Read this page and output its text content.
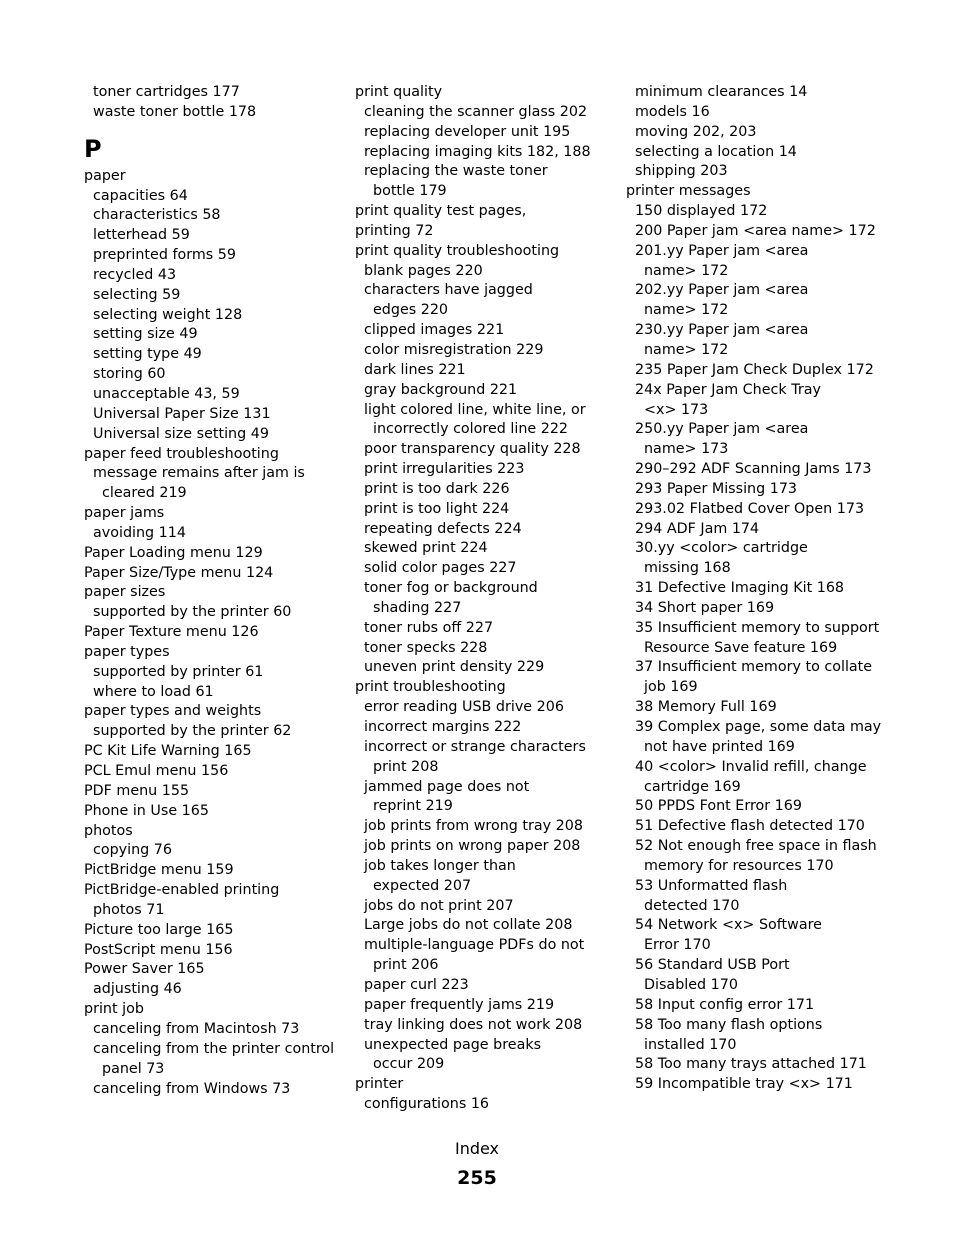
toner cartridges 177
waste toner bottle 178
P
paper
capacities 64
characteristics 58
letterhead 59
preprinted forms 59
recycled 43
selecting 59
selecting weight 128
setting size 49
setting type 49
storing 60
unacceptable 43, 59
Universal Paper Size 131
Universal size setting 49
paper feed troubleshooting
message remains after jam is
cleared 219
paper jams
avoiding 114
Paper Loading menu 129
Paper Size/Type menu 124
paper sizes
supported by the printer 60
Paper Texture menu 126
paper types
supported by printer 61
where to load 61
paper types and weights
supported by the printer 62
PC Kit Life Warning 165
PCL Emul menu 156
PDF menu 155
Phone in Use 165
photos
copying 76
PictBridge menu 159
PictBridge-enabled printing
photos 71
Picture too large 165
PostScript menu 156
Power Saver 165
adjusting 46
print job
canceling from Macintosh 73
canceling from the printer control
panel 73
canceling from Windows 73
print quality
cleaning the scanner glass 202
replacing developer unit 195
replacing imaging kits 182, 188
replacing the waste toner
bottle 179
print quality test pages,
printing 72
print quality troubleshooting
blank pages 220
characters have jagged
edges 220
clipped images 221
color misregistration 229
dark lines 221
gray background 221
light colored line, white line, or
incorrectly colored line 222
poor transparency quality 228
print irregularities 223
print is too dark 226
print is too light 224
repeating defects 224
skewed print 224
solid color pages 227
toner fog or background
shading 227
toner rubs off 227
toner specks 228
uneven print density 229
print troubleshooting
error reading USB drive 206
incorrect margins 222
incorrect or strange characters
print 208
jammed page does not
reprint 219
job prints from wrong tray 208
job prints on wrong paper 208
job takes longer than
expected 207
jobs do not print 207
Large jobs do not collate 208
multiple-language PDFs do not
print 206
paper curl 223
paper frequently jams 219
tray linking does not work 208
unexpected page breaks
occur 209
printer
configurations 16
minimum clearances 14
models 16
moving 202, 203
selecting a location 14
shipping 203
printer messages
150 displayed 172
200 Paper jam <area name> 172
201.yy Paper jam <area
name> 172
202.yy Paper jam <area
name> 172
230.yy Paper jam <area
name> 172
235 Paper Jam Check Duplex 172
24x Paper Jam Check Tray
<x> 173
250.yy Paper jam <area
name> 173
290–292 ADF Scanning Jams 173
293 Paper Missing 173
293.02 Flatbed Cover Open 173
294 ADF Jam 174
30.yy <color> cartridge
missing 168
31 Defective Imaging Kit 168
34 Short paper 169
35 Insufficient memory to support
Resource Save feature 169
37 Insufficient memory to collate
job 169
38 Memory Full 169
39 Complex page, some data may
not have printed 169
40 <color> Invalid refill, change
cartridge 169
50 PPDS Font Error 169
51 Defective flash detected 170
52 Not enough free space in flash
memory for resources 170
53 Unformatted flash
detected 170
54 Network <x> Software
Error 170
56 Standard USB Port
Disabled 170
58 Input config error 171
58 Too many flash options
installed 170
58 Too many trays attached 171
59 Incompatible tray <x> 171
Index
255
